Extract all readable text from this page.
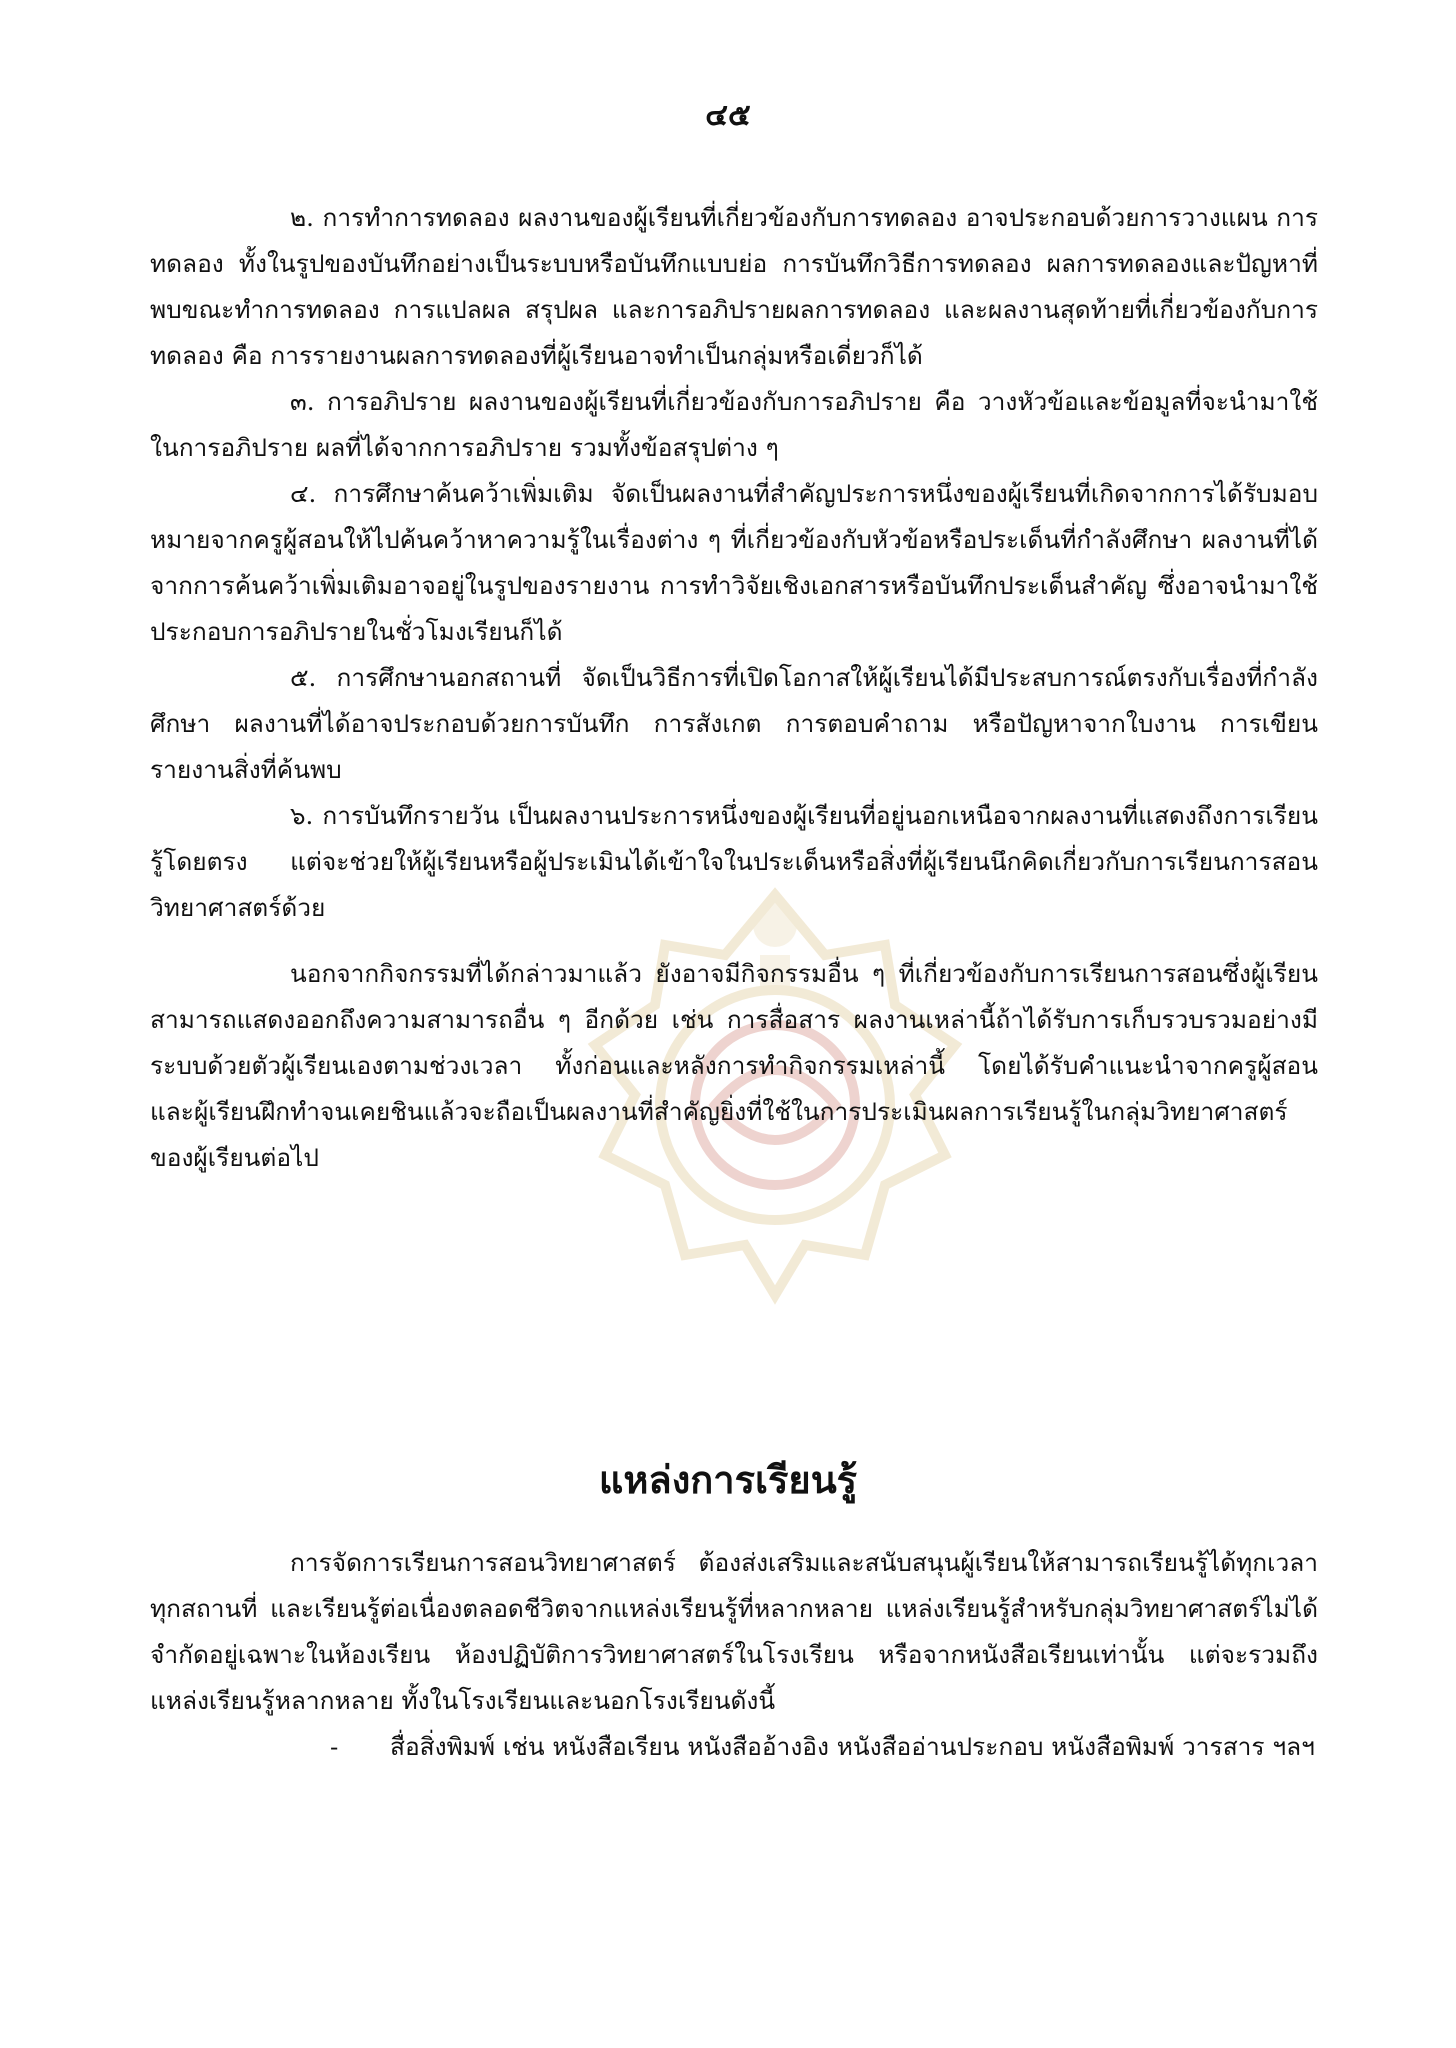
๔๕

๒. การทำการทดลอง ผลงานของผู้เรียนที่เกี่ยวข้องกับการทดลอง อาจประกอบด้วยการวางแผน การทดลอง ทั้งในรูปของบันทึกอย่างเป็นระบบหรือบันทึกแบบย่อ การบันทึกวิธีการทดลอง ผลการทดลองและปัญหาที่พบขณะทำการทดลอง การแปลผล สรุปผล และการอภิปรายผลการทดลอง และผลงานสุดท้ายที่เกี่ยวข้องกับการทดลอง คือ การรายงานผลการทดลองที่ผู้เรียนอาจทำเป็นกลุ่มหรือเดี่ยวก็ได้

๓. การอภิปราย ผลงานของผู้เรียนที่เกี่ยวข้องกับการอภิปราย คือ วางหัวข้อและข้อมูลที่จะนำมาใช้ในการอภิปราย ผลที่ได้จากการอภิปราย รวมทั้งข้อสรุปต่าง ๆ

๔. การศึกษาค้นคว้าเพิ่มเติม จัดเป็นผลงานที่สำคัญประการหนึ่งของผู้เรียนที่เกิดจากการได้รับมอบหมายจากครูผู้สอนให้ไปค้นคว้าหาความรู้ในเรื่องต่าง ๆ ที่เกี่ยวข้องกับหัวข้อหรือประเด็นที่กำลังศึกษา ผลงานที่ได้จากการค้นคว้าเพิ่มเติมอาจอยู่ในรูปของรายงาน การทำวิจัยเชิงเอกสารหรือบันทึกประเด็นสำคัญ ซึ่งอาจนำมาใช้ประกอบการอภิปรายในชั่วโมงเรียนก็ได้

๕. การศึกษานอกสถานที่ จัดเป็นวิธีการที่เปิดโอกาสให้ผู้เรียนได้มีประสบการณ์ตรงกับเรื่องที่กำลังศึกษา ผลงานที่ได้อาจประกอบด้วยการบันทึก การสังเกต การตอบคำถาม หรือปัญหาจากใบงาน การเขียนรายงานสิ่งที่ค้นพบ

๖. การบันทึกรายวัน เป็นผลงานประการหนึ่งของผู้เรียนที่อยู่นอกเหนือจากผลงานที่แสดงถึงการเรียนรู้โดยตรง แต่จะช่วยให้ผู้เรียนหรือผู้ประเมินได้เข้าใจในประเด็นหรือสิ่งที่ผู้เรียนนึกคิดเกี่ยวกับการเรียนการสอนวิทยาศาสตร์ด้วย

นอกจากกิจกรรมที่ได้กล่าวมาแล้ว ยังอาจมีกิจกรรมอื่น ๆ ที่เกี่ยวข้องกับการเรียนการสอนซึ่งผู้เรียนสามารถแสดงออกถึงความสามารถอื่น ๆ อีกด้วย เช่น การสื่อสาร ผลงานเหล่านี้ถ้าได้รับการเก็บรวบรวมอย่างมีระบบด้วยตัวผู้เรียนเองตามช่วงเวลา ทั้งก่อนและหลังการทำกิจกรรมเหล่านี้ โดยได้รับคำแนะนำจากครูผู้สอน และผู้เรียนฝึกทำจนเคยชินแล้วจะถือเป็นผลงานที่สำคัญยิ่งที่ใช้ในการประเมินผลการเรียนรู้ในกลุ่มวิทยาศาสตร์ของผู้เรียนต่อไป

แหล่งการเรียนรู้

การจัดการเรียนการสอนวิทยาศาสตร์ ต้องส่งเสริมและสนับสนุนผู้เรียนให้สามารถเรียนรู้ได้ทุกเวลา ทุกสถานที่ และเรียนรู้ต่อเนื่องตลอดชีวิตจากแหล่งเรียนรู้ที่หลากหลาย แหล่งเรียนรู้สำหรับกลุ่มวิทยาศาสตร์ไม่ได้จำกัดอยู่เฉพาะในห้องเรียน ห้องปฏิบัติการวิทยาศาสตร์ในโรงเรียน หรือจากหนังสือเรียนเท่านั้น แต่จะรวมถึงแหล่งเรียนรู้หลากหลาย ทั้งในโรงเรียนและนอกโรงเรียนดังนี้

-	สื่อสิ่งพิมพ์ เช่น หนังสือเรียน หนังสืออ้างอิง หนังสืออ่านประกอบ หนังสือพิมพ์ วารสาร ฯลฯ
